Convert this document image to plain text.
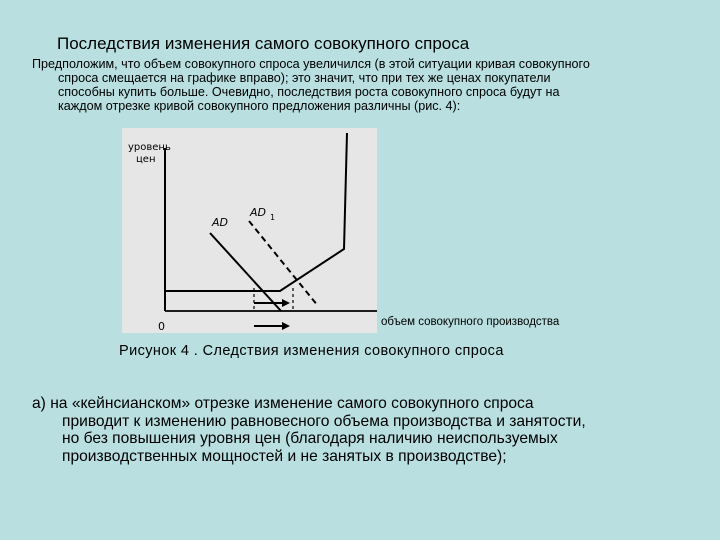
Последствия изменения самого совокупного спроса
Предположим, что объем совокупного спроса увеличился (в этой ситуации кривая совокупного
спроса смещается на графике вправо); это значит, что при тех же ценах покупатели
способны купить больше. Очевидно, последствия роста совокупного спроса будут на
каждом отрезке кривой совокупного предложения различны (рис. 4):
уровень
цен
0
AD
AD 1
объем совокупного производства
Рисунок 4 . Следствия изменения совокупного спроса
а) на «кейнсианском» отрезке изменение самого совокупного спроса
приводит к изменению равновесного объема производства и занятости,
но без повышения уровня цен (благодаря наличию неиспользуемых
производственных мощностей и не занятых в производстве);
